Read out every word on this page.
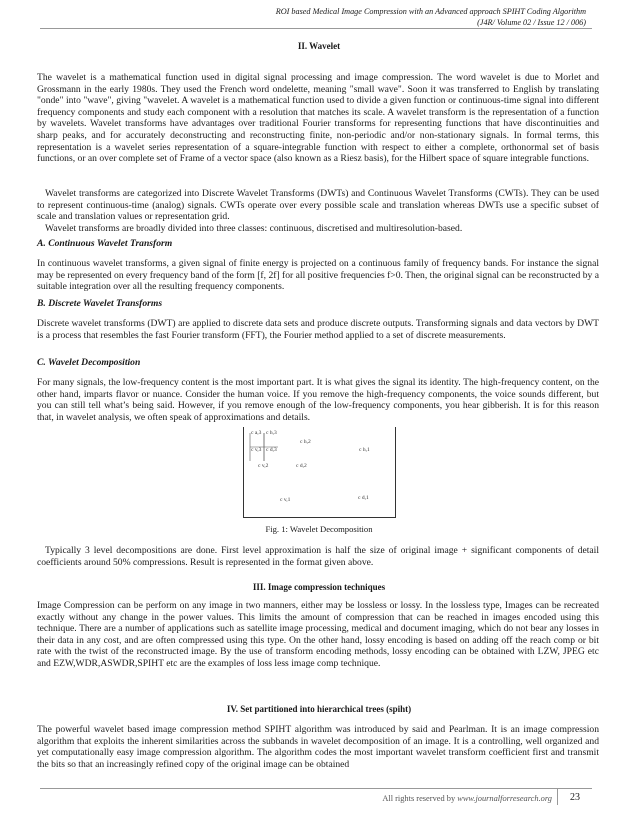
ROI based Medical Image Compression with an Advanced approach SPIHT Coding Algorithm
(J4R/ Volume 02 / Issue 12 / 006)
II. Wavelet

The wavelet is a mathematical function used in digital signal processing and image compression. The word wavelet is due to Morlet and Grossmann in the early 1980s. They used the French word ondelette, meaning "small wave". Soon it was transferred to English by translating "onde" into "wave", giving "wavelet. A wavelet is a mathematical function used to divide a given function or continuous-time signal into different frequency components and study each component with a resolution that matches its scale. A wavelet transform is the representation of a function by wavelets. Wavelet transforms have advantages over traditional Fourier transforms for representing functions that have discontinuities and sharp peaks, and for accurately deconstructing and reconstructing finite, non-periodic and/or non-stationary signals. In formal terms, this representation is a wavelet series representation of a square-integrable function with respect to either a complete, orthonormal set of basis functions, or an over complete set of Frame of a vector space (also known as a Riesz basis), for the Hilbert space of square integrable functions.

Wavelet transforms are categorized into Discrete Wavelet Transforms (DWTs) and Continuous Wavelet Transforms (CWTs). They can be used to represent continuous-time (analog) signals. CWTs operate over every possible scale and translation whereas DWTs use a specific subset of scale and translation values or representation grid.

Wavelet transforms are broadly divided into three classes: continuous, discretised and multiresolution-based.

A. Continuous Wavelet Transform

In continuous wavelet transforms, a given signal of finite energy is projected on a continuous family of frequency bands. For instance the signal may be represented on every frequency band of the form [f, 2f] for all positive frequencies f>0. Then, the original signal can be reconstructed by a suitable integration over all the resulting frequency components.

B. Discrete Wavelet Transforms

Discrete wavelet transforms (DWT) are applied to discrete data sets and produce discrete outputs. Transforming signals and data vectors by DWT is a process that resembles the fast Fourier transform (FFT), the Fourier method applied to a set of discrete measurements.

C. Wavelet Decomposition

For many signals, the low-frequency content is the most important part. It is what gives the signal its identity. The high-frequency content, on the other hand, imparts flavor or nuance. Consider the human voice. If you remove the high-frequency components, the voice sounds different, but you can still tell what’s being said. However, if you remove enough of the low-frequency components, you hear gibberish. It is for this reason that, in wavelet analysis, we often speak of approximations and details.

c a,3 c h,3
c v,3 c d,3
c h,2
c v,2	c d,2
c h,1
c v,1	c d,1
Fig. 1: Wavelet Decomposition

Typically 3 level decompositions are done. First level approximation is half the size of original image + significant components of detail coefficients around 50% compressions. Result is represented in the format given above.

III. Image compression techniques

Image Compression can be perform on any image in two manners, either may be lossless or lossy. In the lossless type, Images can be recreated exactly without any change in the power values. This limits the amount of compression that can be reached in images encoded using this technique. There are a number of applications such as satellite image processing, medical and document imaging, which do not bear any losses in their data in any cost, and are often compressed using this type. On the other hand, lossy encoding is based on adding off the reach comp or bit rate with the twist of the reconstructed image. By the use of transform encoding methods, lossy encoding can be obtained with LZW, JPEG etc and EZW,WDR,ASWDR,SPIHT etc are the examples of loss less image comp technique.

IV. Set partitioned into hierarchical trees (spiht)

The powerful wavelet based image compression method SPIHT algorithm was introduced by said and Pearlman. It is an image compression algorithm that exploits the inherent similarities across the subbands in wavelet decomposition of an image. It is a controlling, well organized and yet computationally easy image compression algorithm. The algorithm codes the most important wavelet transform coefficient first and transmit the bits so that an increasingly refined copy of the original image can be obtained

All rights reserved by www.journalforresearch.org	23
